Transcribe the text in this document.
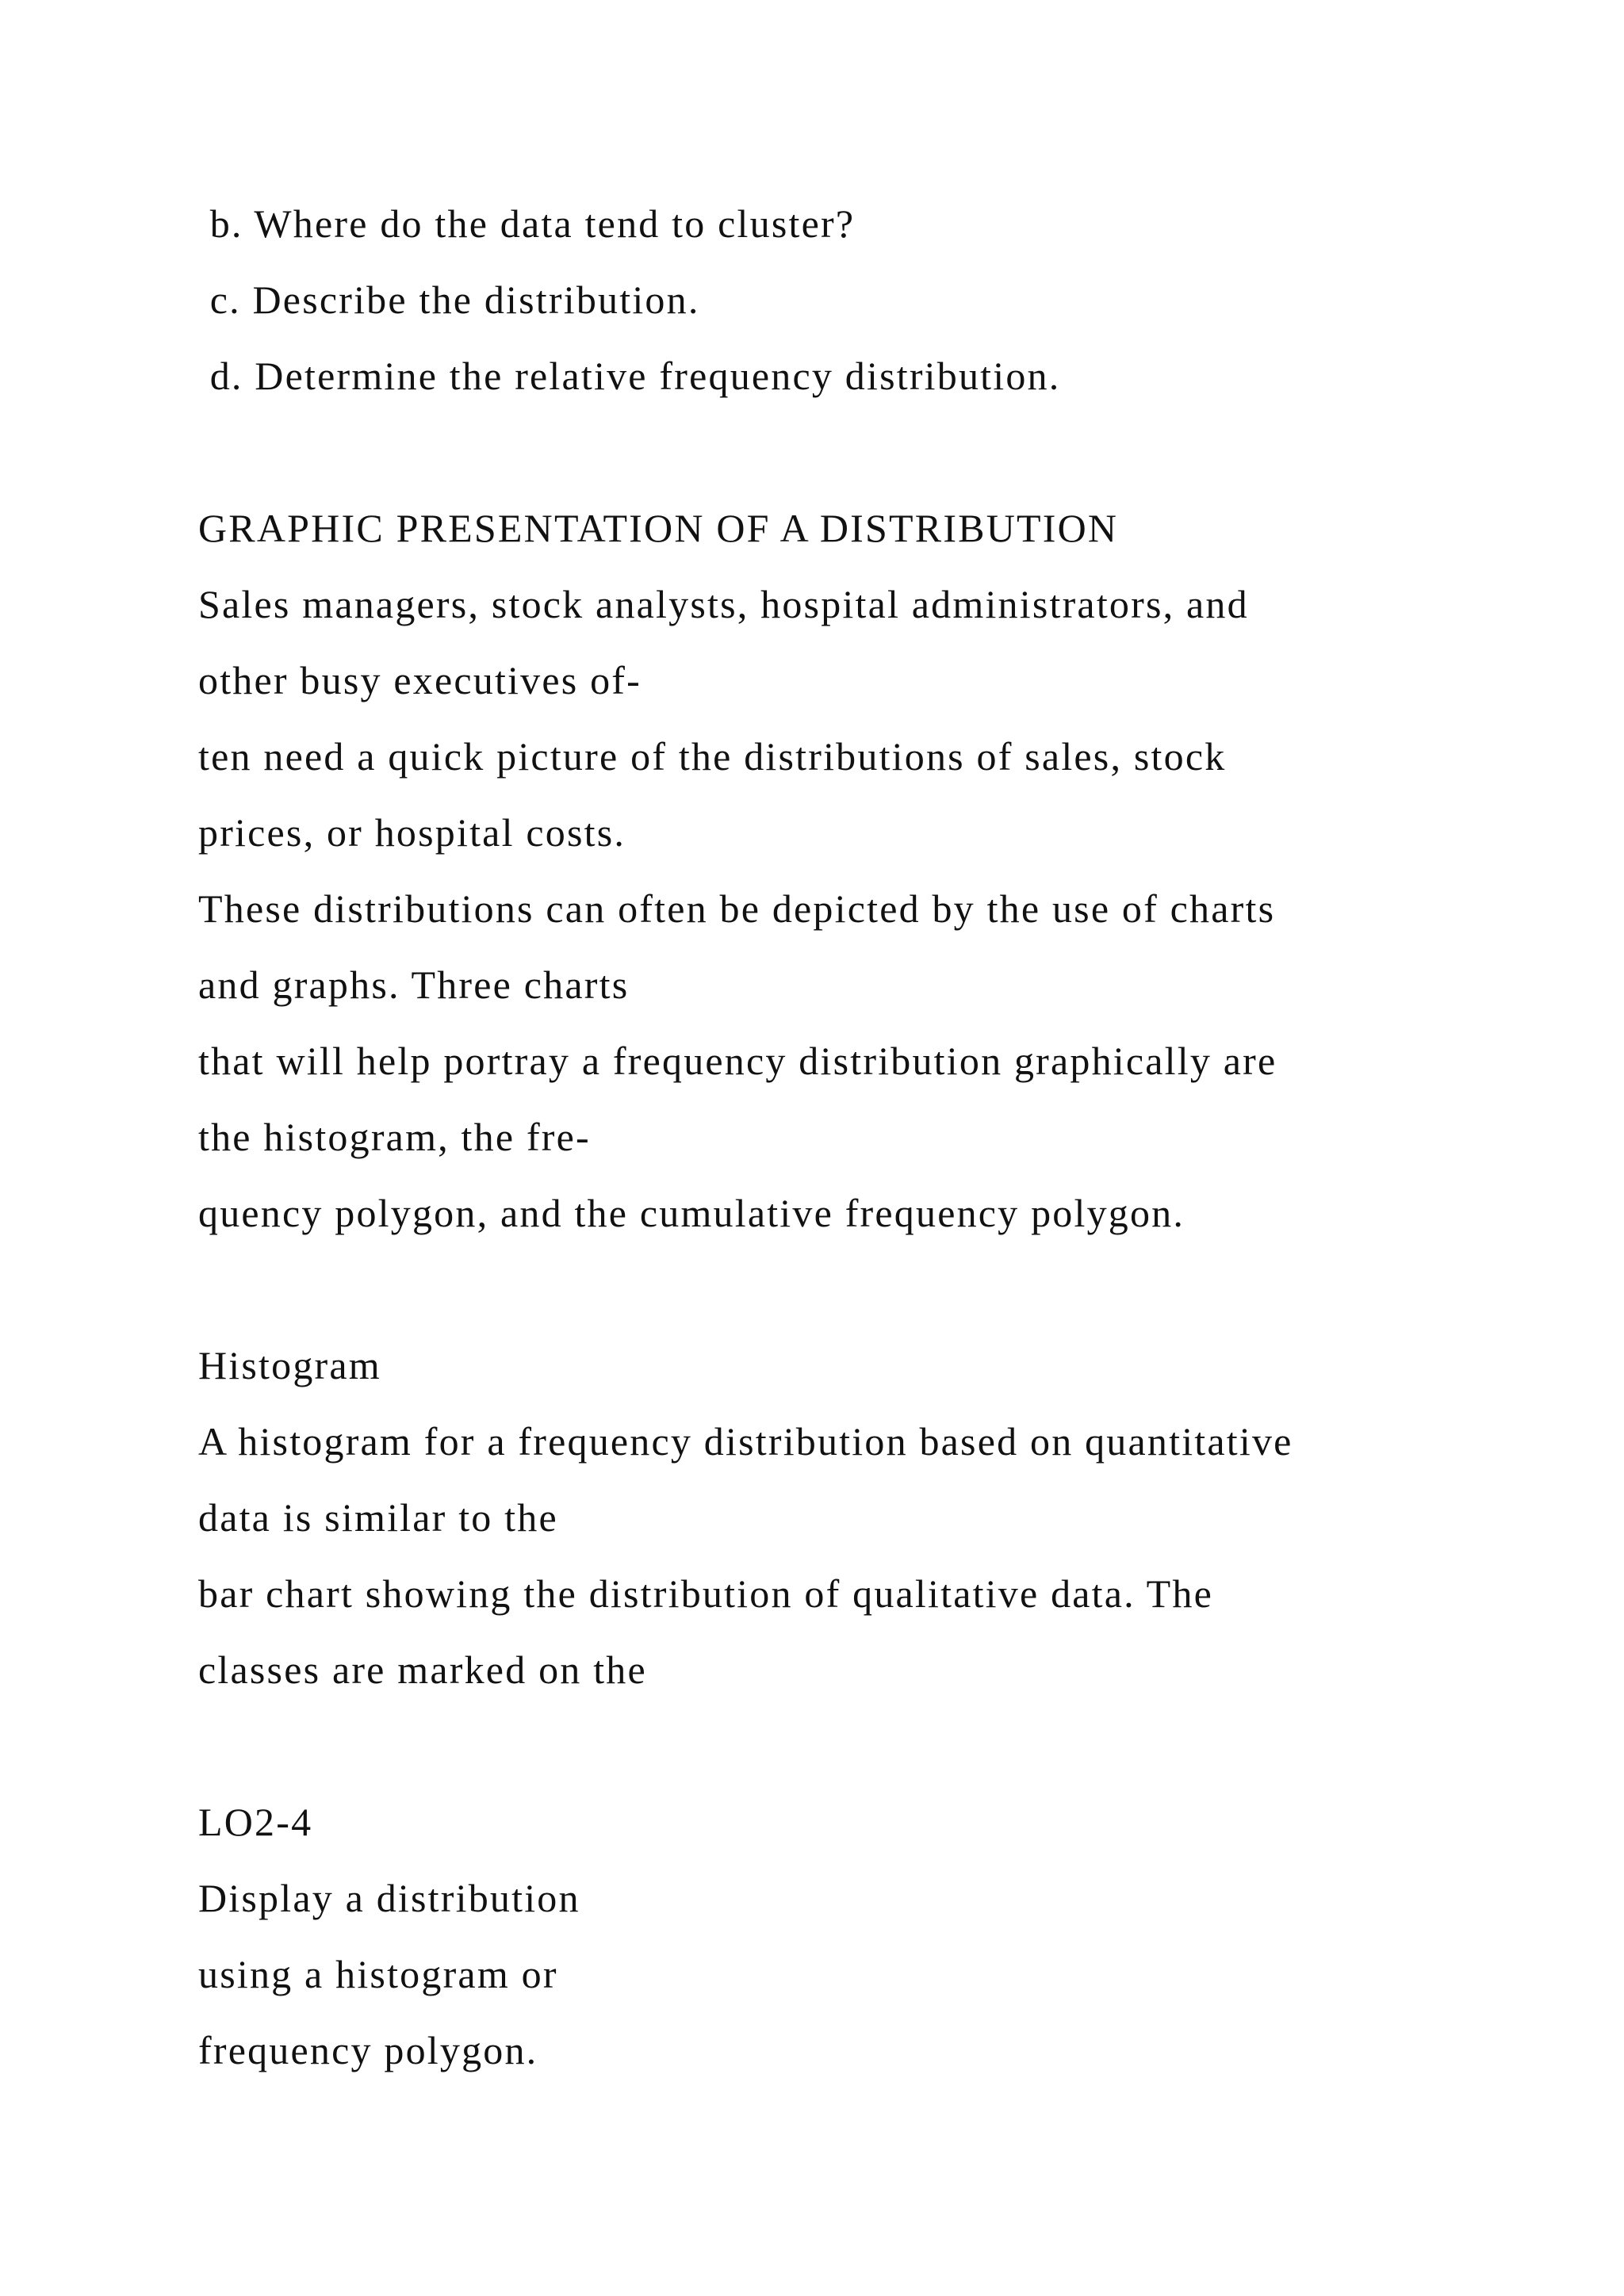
b. Where do the data tend to cluster?

c. Describe the distribution.

d. Determine the relative frequency distribution.

GRAPHIC PRESENTATION OF A DISTRIBUTION

Sales managers, stock analysts, hospital administrators, and

other busy executives of-

ten need a quick picture of the distributions of sales, stock

prices, or hospital costs.

These distributions can often be depicted by the use of charts

and graphs. Three charts

that will help portray a frequency distribution graphically are

the histogram, the fre-

quency polygon, and the cumulative frequency polygon.

Histogram

A histogram for a frequency distribution based on quantitative

data is similar to the

bar chart showing the distribution of qualitative data. The

classes are marked on the

LO2-4

Display a distribution

using a histogram or

frequency polygon.
